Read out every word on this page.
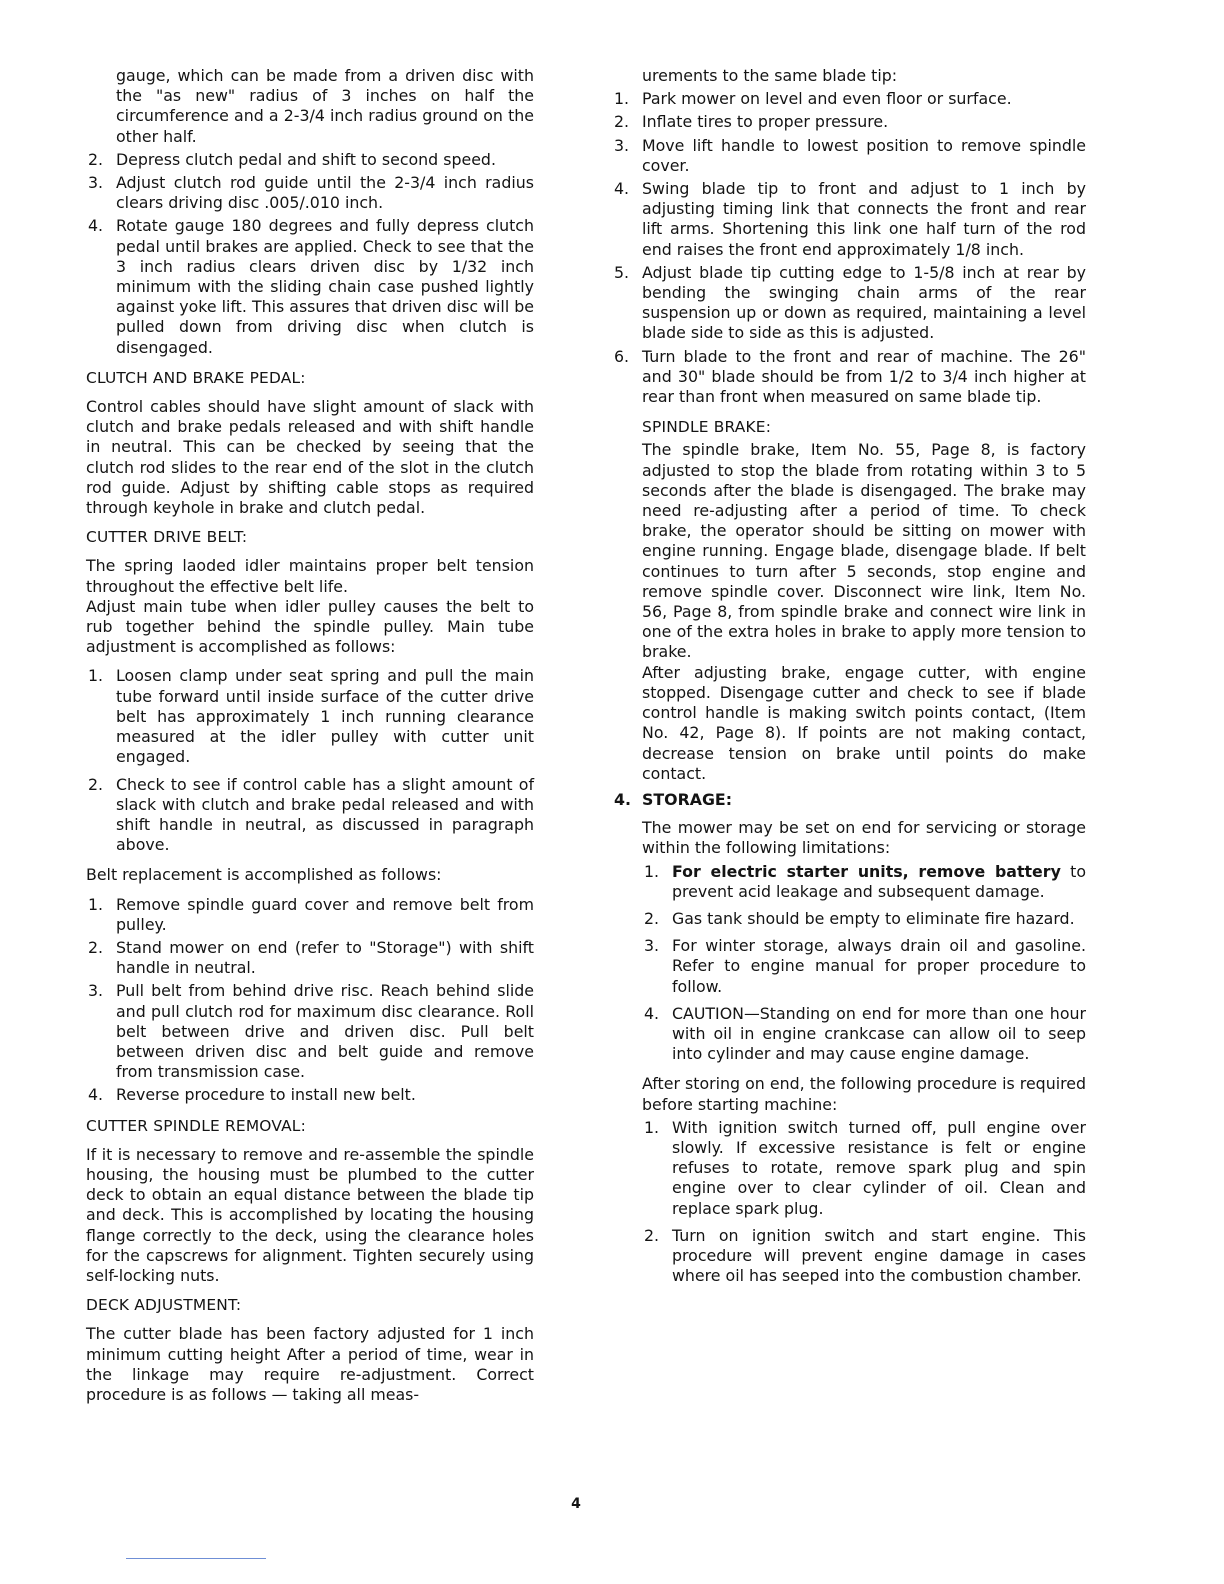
gauge, which can be made from a driven disc with the "as new" radius of 3 inches on half the circumference and a 2-3/4 inch radius ground on the other half.

2. Depress clutch pedal and shift to second speed.
3. Adjust clutch rod guide until the 2-3/4 inch radius clears driving disc .005/.010 inch.
4. Rotate gauge 180 degrees and fully depress clutch pedal until brakes are applied. Check to see that the 3 inch radius clears driven disc by 1/32 inch minimum with the sliding chain case pushed lightly against yoke lift. This assures that driven disc will be pulled down from driving disc when clutch is disengaged.
CLUTCH AND BRAKE PEDAL:

Control cables should have slight amount of slack with clutch and brake pedals released and with shift handle in neutral. This can be checked by seeing that the clutch rod slides to the rear end of the slot in the clutch rod guide. Adjust by shifting cable stops as required through keyhole in brake and clutch pedal.

CUTTER DRIVE BELT:

The spring laoded idler maintains proper belt tension throughout the effective belt life.

Adjust main tube when idler pulley causes the belt to rub together behind the spindle pulley. Main tube adjustment is accomplished as follows:

1. Loosen clamp under seat spring and pull the main tube forward until inside surface of the cutter drive belt has approximately 1 inch running clearance measured at the idler pulley with cutter unit engaged.
2. Check to see if control cable has a slight amount of slack with clutch and brake pedal released and with shift handle in neutral, as discussed in paragraph above.

Belt replacement is accomplished as follows:

1. Remove spindle guard cover and remove belt from pulley.
2. Stand mower on end (refer to "Storage") with shift handle in neutral.
3. Pull belt from behind drive risc. Reach behind slide and pull clutch rod for maximum disc clearance. Roll belt between drive and driven disc. Pull belt between driven disc and belt guide and remove from transmission case.
4. Reverse procedure to install new belt.
CUTTER SPINDLE REMOVAL:

If it is necessary to remove and re-assemble the spindle housing, the housing must be plumbed to the cutter deck to obtain an equal distance between the blade tip and deck. This is accomplished by locating the housing flange correctly to the deck, using the clearance holes for the capscrews for alignment. Tighten securely using self-locking nuts.

DECK ADJUSTMENT:

The cutter blade has been factory adjusted for 1 inch minimum cutting height After a period of time, wear in the linkage may require re-adjustment. Correct procedure is as follows — taking all meas-

urements to the same blade tip:

1. Park mower on level and even floor or surface.
2. Inflate tires to proper pressure.
3. Move lift handle to lowest position to remove spindle cover.
4. Swing blade tip to front and adjust to 1 inch by adjusting timing link that connects the front and rear lift arms. Shortening this link one half turn of the rod end raises the front end approximately 1/8 inch.
5. Adjust blade tip cutting edge to 1-5/8 inch at rear by bending the swinging chain arms of the rear suspension up or down as required, maintaining a level blade side to side as this is adjusted.
6. Turn blade to the front and rear of machine. The 26" and 30" blade should be from 1/2 to 3/4 inch higher at rear than front when measured on same blade tip.
SPINDLE BRAKE:

The spindle brake, Item No. 55, Page 8, is factory adjusted to stop the blade from rotating within 3 to 5 seconds after the blade is disengaged. The brake may need re-adjusting after a period of time. To check brake, the operator should be sitting on mower with engine running. Engage blade, disengage blade. If belt continues to turn after 5 seconds, stop engine and remove spindle cover. Disconnect wire link, Item No. 56, Page 8, from spindle brake and connect wire link in one of the extra holes in brake to apply more tension to brake.

After adjusting brake, engage cutter, with engine stopped. Disengage cutter and check to see if blade control handle is making switch points contact, (Item No. 42, Page 8). If points are not making contact, decrease tension on brake until points do make contact.

4. STORAGE:

The mower may be set on end for servicing or storage within the following limitations:

1. For electric starter units, remove battery to prevent acid leakage and subsequent damage.
2. Gas tank should be empty to eliminate fire hazard.
3. For winter storage, always drain oil and gasoline. Refer to engine manual for proper procedure to follow.
4. CAUTION—Standing on end for more than one hour with oil in engine crankcase can allow oil to seep into cylinder and may cause engine damage.

After storing on end, the following procedure is required before starting machine:

1. With ignition switch turned off, pull engine over slowly. If excessive resistance is felt or engine refuses to rotate, remove spark plug and spin engine over to clear cylinder of oil. Clean and replace spark plug.
2. Turn on ignition switch and start engine. This procedure will prevent engine damage in cases where oil has seeped into the combustion chamber.
4
